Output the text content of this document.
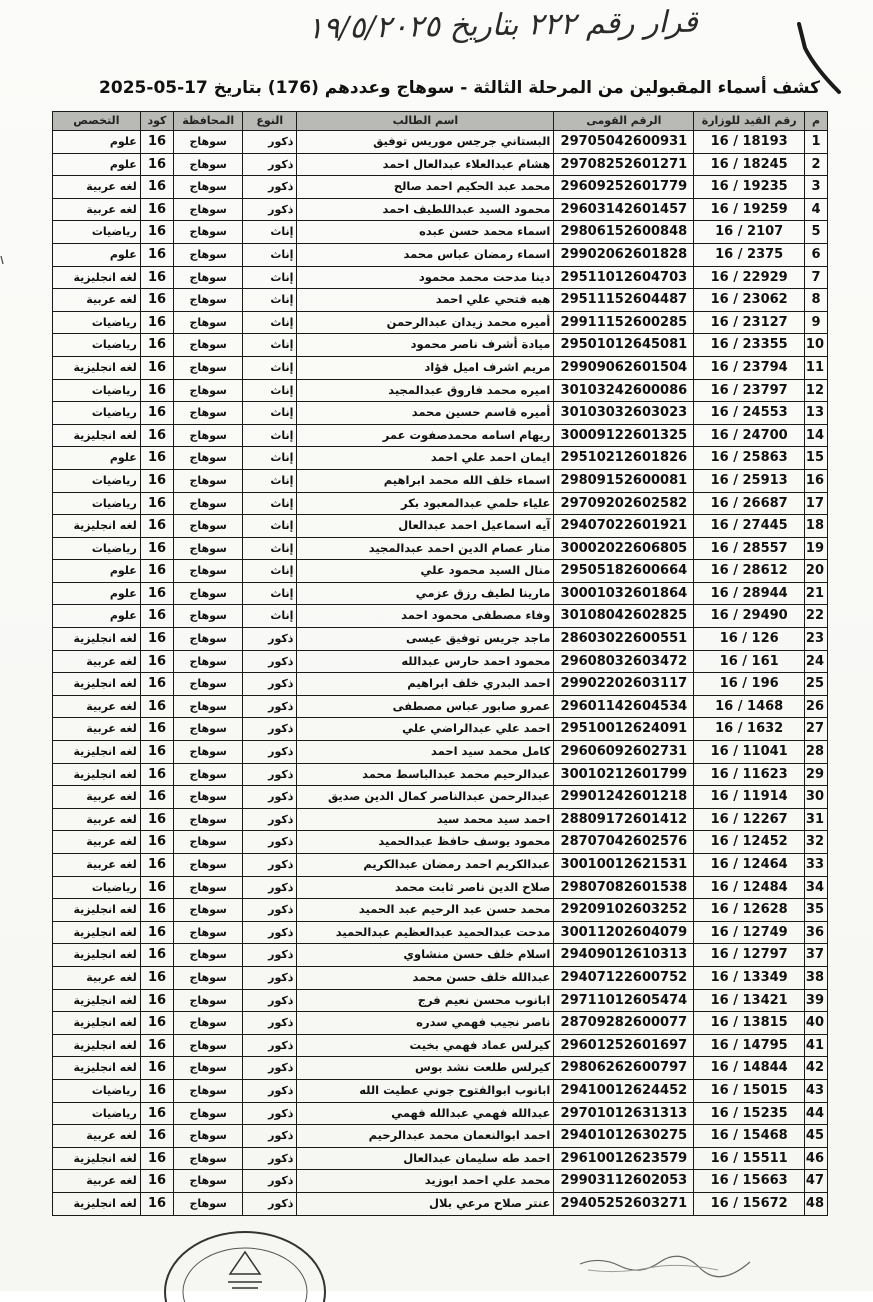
قرار رقم ٢٢٢ بتاريخ ١٩/٥/٢٠٢٥
كشف أسماء المقبولين من المرحلة الثالثة - سوهاج وعددهم (176) بتاريخ 17-05-2025
م	رقم القيد للوزارة	الرقم القومى	اسم الطالب	النوع	المحافظة	كود	التخصص
1	16 / 18193	29705042600931	البستاني جرجس موريس توفيق	ذكور	سوهاج	16	علوم
2	16 / 18245	29708252601271	هشام عبدالعلاء عبدالعال احمد	ذكور	سوهاج	16	علوم
3	16 / 19235	29609252601779	محمد عبد الحكيم احمد صالح	ذكور	سوهاج	16	لغه عربية
4	16 / 19259	29603142601457	محمود السيد عبداللطيف احمد	ذكور	سوهاج	16	لغه عربية
5	16 / 2107	29806152600848	اسماء محمد حسن عبده	إناث	سوهاج	16	رياضيات
6	16 / 2375	29902062601828	اسماء رمضان عباس محمد	إناث	سوهاج	16	علوم
7	16 / 22929	29511012604703	دينا مدحت محمد محمود	إناث	سوهاج	16	لغه انجليزية
8	16 / 23062	29511152604487	هبه فتحي علي احمد	إناث	سوهاج	16	لغه عربية
9	16 / 23127	29911152600285	أميره محمد زيدان عبدالرحمن	إناث	سوهاج	16	رياضيات
10	16 / 23355	29501012645081	ميادة أشرف ناصر محمود	إناث	سوهاج	16	رياضيات
11	16 / 23794	29909062601504	مريم اشرف اميل فؤاد	إناث	سوهاج	16	لغه انجليزية
12	16 / 23797	30103242600086	اميره محمد فاروق عبدالمجيد	إناث	سوهاج	16	رياضيات
13	16 / 24553	30103032603023	أميره قاسم حسين محمد	إناث	سوهاج	16	رياضيات
14	16 / 24700	30009122601325	ريهام اسامه محمدصفوت عمر	إناث	سوهاج	16	لغه انجليزية
15	16 / 25863	29510212601826	ايمان احمد علي احمد	إناث	سوهاج	16	علوم
16	16 / 25913	29809152600081	اسماء خلف الله محمد ابراهيم	إناث	سوهاج	16	رياضيات
17	16 / 26687	29709202602582	علياء حلمي عبدالمعبود بكر	إناث	سوهاج	16	رياضيات
18	16 / 27445	29407022601921	آيه اسماعيل احمد عبدالعال	إناث	سوهاج	16	لغه انجليزية
19	16 / 28557	30002022606805	منار عصام الدين احمد عبدالمجيد	إناث	سوهاج	16	رياضيات
20	16 / 28612	29505182600664	منال السيد محمود علي	إناث	سوهاج	16	علوم
21	16 / 28944	30001032601864	مارينا لطيف رزق عزمي	إناث	سوهاج	16	علوم
22	16 / 29490	30108042602825	وفاء مصطفى محمود احمد	إناث	سوهاج	16	علوم
23	16 / 126	28603022600551	ماجد جريس توفيق عيسى	ذكور	سوهاج	16	لغه انجليزية
24	16 / 161	29608032603472	محمود احمد حارس عبدالله	ذكور	سوهاج	16	لغه عربية
25	16 / 196	29902202603117	احمد البدري خلف ابراهيم	ذكور	سوهاج	16	لغه انجليزية
26	16 / 1468	29601142604534	عمرو صابور عباس مصطفى	ذكور	سوهاج	16	لغه عربية
27	16 / 1632	29510012624091	احمد علي عبدالراضي علي	ذكور	سوهاج	16	لغه عربية
28	16 / 11041	29606092602731	كامل محمد سيد احمد	ذكور	سوهاج	16	لغه انجليزية
29	16 / 11623	30010212601799	عبدالرحيم محمد عبدالباسط محمد	ذكور	سوهاج	16	لغه انجليزية
30	16 / 11914	29901242601218	عبدالرحمن عبدالناصر كمال الدين صديق	ذكور	سوهاج	16	لغه عربية
31	16 / 12267	28809172601412	احمد سيد محمد سيد	ذكور	سوهاج	16	لغه عربية
32	16 / 12452	28707042602576	محمود يوسف حافظ عبدالحميد	ذكور	سوهاج	16	لغه عربية
33	16 / 12464	30010012621531	عبدالكريم احمد رمضان عبدالكريم	ذكور	سوهاج	16	لغه عربية
34	16 / 12484	29807082601538	صلاح الدين ناصر ثابت محمد	ذكور	سوهاج	16	رياضيات
35	16 / 12628	29209102603252	محمد حسن عبد الرحيم عبد الحميد	ذكور	سوهاج	16	لغه انجليزية
36	16 / 12749	30011202604079	مدحت عبدالحميد عبدالعظيم عبدالحميد	ذكور	سوهاج	16	لغه انجليزية
37	16 / 12797	29409012610313	اسلام خلف حسن منشاوي	ذكور	سوهاج	16	لغه انجليزية
38	16 / 13349	29407122600752	عبدالله خلف حسن محمد	ذكور	سوهاج	16	لغه عربية
39	16 / 13421	29711012605474	ابانوب محسن نعيم فرج	ذكور	سوهاج	16	لغه انجليزية
40	16 / 13815	28709282600077	ناصر نجيب فهمي سدره	ذكور	سوهاج	16	لغه انجليزية
41	16 / 14795	29601252601697	كيرلس عماد فهمي بخيت	ذكور	سوهاج	16	لغه انجليزية
42	16 / 14844	29806262600797	كيرلس طلعت نشد بوس	ذكور	سوهاج	16	لغه انجليزية
43	16 / 15015	29410012624452	ابانوب ابوالفتوح جوني عطيت الله	ذكور	سوهاج	16	رياضيات
44	16 / 15235	29701012631313	عبدالله فهمي عبدالله فهمي	ذكور	سوهاج	16	رياضيات
45	16 / 15468	29401012630275	احمد ابوالنعمان محمد عبدالرحيم	ذكور	سوهاج	16	لغه عربية
46	16 / 15511	29610012623579	احمد طه سليمان عبدالعال	ذكور	سوهاج	16	لغه انجليزية
47	16 / 15663	29903112602053	محمد علي احمد ابوزيد	ذكور	سوهاج	16	لغه عربية
48	16 / 15672	29405252603271	عنتر صلاح مرعي بلال	ذكور	سوهاج	16	لغه انجليزية
